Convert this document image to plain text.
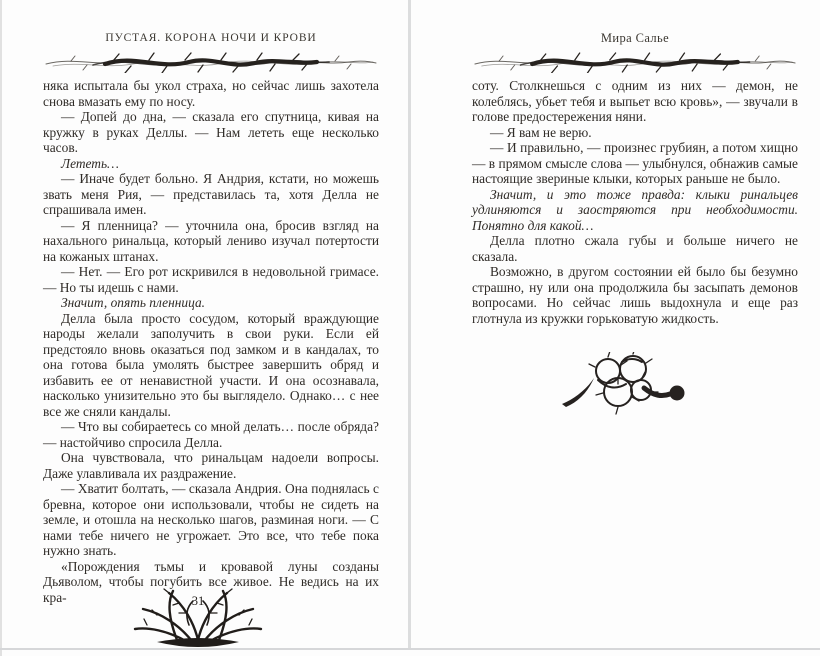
ПУСТАЯ. КОРОНА НОЧИ И КРОВИ

няка испытала бы укол страха, но сейчас лишь захотела снова вмазать ему по носу.

— Допей до дна, — сказала его спутница, кивая на кружку в руках Деллы. — Нам лететь еще несколько часов.

Лететь…

— Иначе будет больно. Я Андрия, кстати, но можешь звать меня Рия, — представилась та, хотя Делла не спрашивала имен.

— Я пленница? — уточнила она, бросив взгляд на нахального ринальца, который лениво изучал потертости на кожаных штанах.

— Нет. — Его рот искривился в недовольной гримасе. — Но ты идешь с нами.

Значит, опять пленница.

Делла была просто сосудом, который враждующие народы желали заполучить в свои руки. Если ей предстояло вновь оказаться под замком и в кандалах, то она готова была умолять быстрее завершить обряд и избавить ее от ненавистной участи. И она осознавала, насколько унизительно это бы выглядело. Однако… с нее все же сняли кандалы.

— Что вы собираетесь со мной делать… после обряда? — настойчиво спросила Делла.

Она чувствовала, что ринальцам надоели вопросы. Даже улавливала их раздражение.

— Хватит болтать, — сказала Андрия. Она поднялась с бревна, которое они использовали, чтобы не сидеть на земле, и отошла на несколько шагов, разминая ноги. — С нами тебе ничего не угрожает. Это все, что тебе пока нужно знать.

«Порождения тьмы и кровавой луны созданы Дьяволом, чтобы погубить все живое. Не ведись на их кра-	31
Мира Салье

соту. Столкнешься с одним из них — демон, не колеблясь, убьет тебя и выпьет всю кровь», — звучали в голове предостережения няни.

— Я вам не верю.

— И правильно, — произнес грубиян, а потом хищно — в прямом смысле слова — улыбнулся, обнажив самые настоящие звериные клыки, которых раньше не было.

Значит, и это тоже правда: клыки ринальцев удлиняются и заостряются при необходимости. Понятно для какой…

Делла плотно сжала губы и больше ничего не сказала.

Возможно, в другом состоянии ей было бы безумно страшно, ну или она продолжила бы засыпать демонов вопросами. Но сейчас лишь выдохнула и еще раз глотнула из кружки горьковатую жидкость.
